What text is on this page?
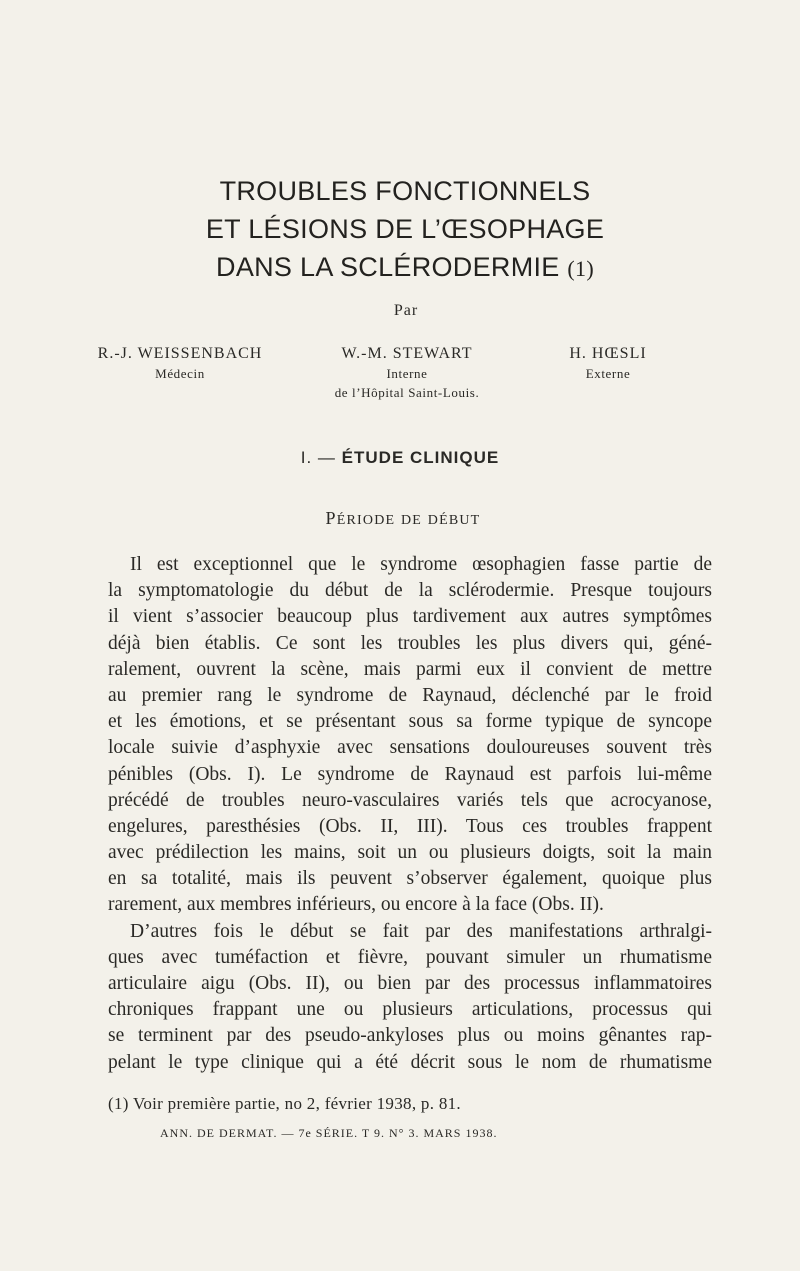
TROUBLES FONCTIONNELS
ET LÉSIONS DE L’ŒSOPHAGE
DANS LA SCLÉRODERMIE (1)
Par
R.-J. WEISSENBACH
Médecin
W.-M. STEWART
Interne
de l’Hôpital Saint-Louis.
H. HŒSLI
Externe
I. — ÉTUDE CLINIQUE
PÉRIODE DE DÉBUT
Il est exceptionnel que le syndrome œsophagien fasse partie de
la symptomatologie du début de la sclérodermie. Presque toujours
il vient s’associer beaucoup plus tardivement aux autres symptômes
déjà bien établis. Ce sont les troubles les plus divers qui, géné-
ralement, ouvrent la scène, mais parmi eux il convient de mettre
au premier rang le syndrome de Raynaud, déclenché par le froid
et les émotions, et se présentant sous sa forme typique de syncope
locale suivie d’asphyxie avec sensations douloureuses souvent très
pénibles (Obs. I). Le syndrome de Raynaud est parfois lui-même
précédé de troubles neuro-vasculaires variés tels que acrocyanose,
engelures, paresthésies (Obs. II, III). Tous ces troubles frappent
avec prédilection les mains, soit un ou plusieurs doigts, soit la main
en sa totalité, mais ils peuvent s’observer également, quoique plus
rarement, aux membres inférieurs, ou encore à la face (Obs. II).
D’autres fois le début se fait par des manifestations arthralgi-
ques avec tuméfaction et fièvre, pouvant simuler un rhumatisme
articulaire aigu (Obs. II), ou bien par des processus inflammatoires
chroniques frappant une ou plusieurs articulations, processus qui
se terminent par des pseudo-ankyloses plus ou moins gênantes rap-
pelant le type clinique qui a été décrit sous le nom de rhumatisme
(1) Voir première partie, no 2, février 1938, p. 81.
ANN. DE DERMAT. — 7e SÉRIE. T 9. N° 3. MARS 1938.
